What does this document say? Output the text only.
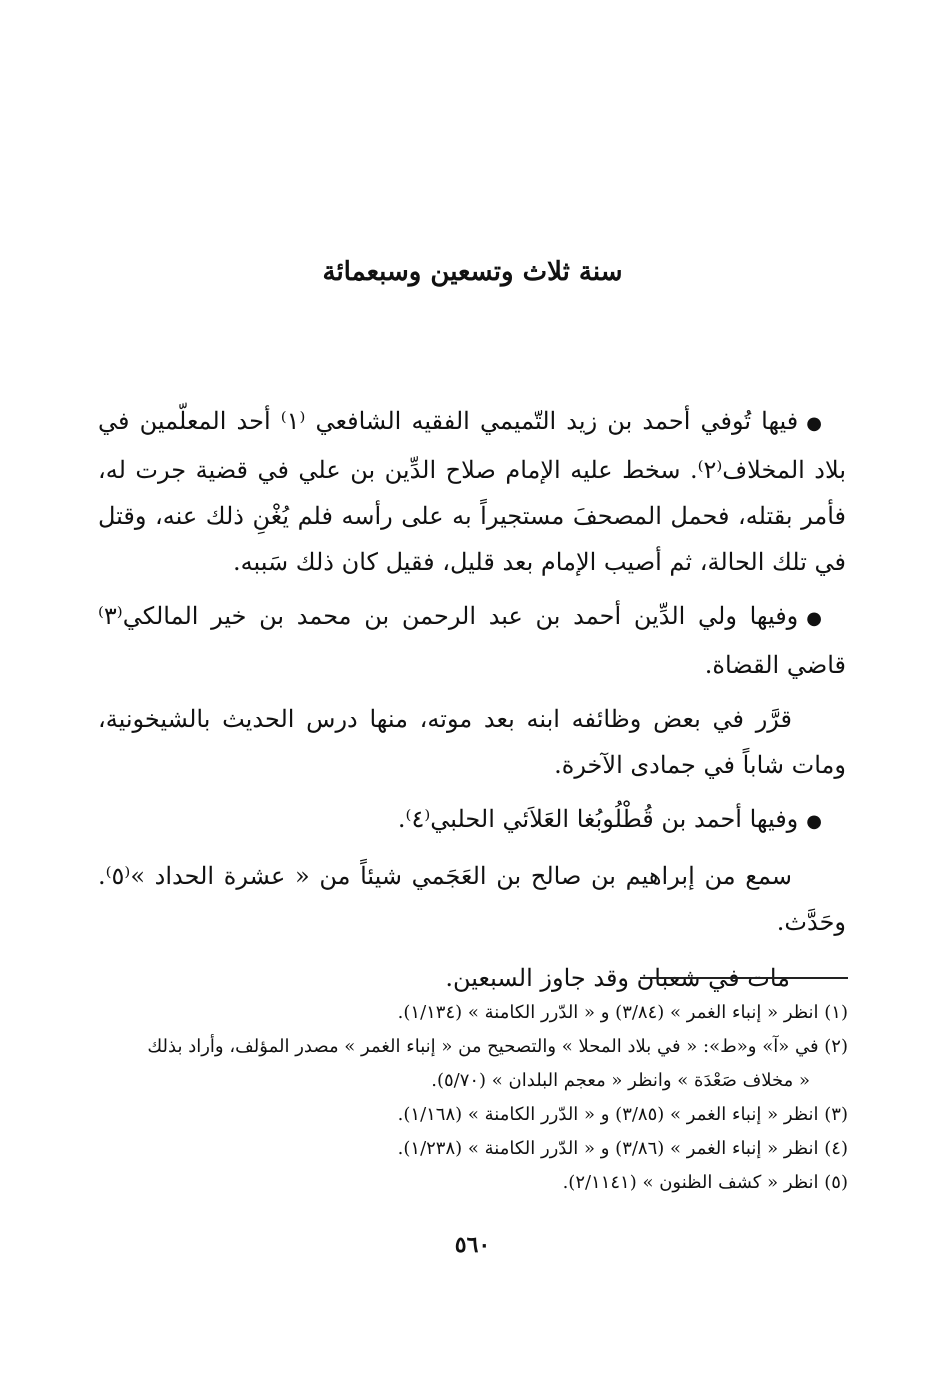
سنة ثلاث وتسعين وسبعمائة

●فيها تُوفي أحمد بن زيد التّميمي الفقيه الشافعي ⁽١⁾ أحد المعلّمين في بلاد المخلاف⁽٢⁾. سخط عليه الإمام صلاح الدِّين بن علي في قضية جرت له، فأمر بقتله، فحمل المصحفَ مستجيراً به على رأسه فلم يُغْنِ ذلك عنه، وقتل في تلك الحالة، ثم أصيب الإمام بعد قليل، فقيل كان ذلك سَببه.

●وفيها ولي الدِّين أحمد بن عبد الرحمن بن محمد بن خير المالكي⁽٣⁾ قاضي القضاة.

قرَّر في بعض وظائفه ابنه بعد موته، منها درس الحديث بالشيخونية، ومات شاباً في جمادى الآخرة.

●وفيها أحمد بن قُطْلُوبُغا العَلاَئي الحلبي⁽٤⁾.

سمع من إبراهيم بن صالح بن العَجَمي شيئاً من « عشرة الحداد »⁽٥⁾. وحَدَّث.

مات في شعبان وقد جاوز السبعين.

(١) انظر « إنباء الغمر » (٣/٨٤) و « الدّرر الكامنة » (١/١٣٤).

(٢) في «آ» و«ط»: « في بلاد المحلا » والتصحيح من « إنباء الغمر » مصدر المؤلف، وأراد بذلك

« مخلاف صَعْدَة » وانظر « معجم البلدان » (٥/٧٠).

(٣) انظر « إنباء الغمر » (٣/٨٥) و « الدّرر الكامنة » (١/١٦٨).

(٤) انظر « إنباء الغمر » (٣/٨٦) و « الدّرر الكامنة » (١/٢٣٨).

(٥) انظر « كشف الظنون » (٢/١١٤١).

٥٦٠
